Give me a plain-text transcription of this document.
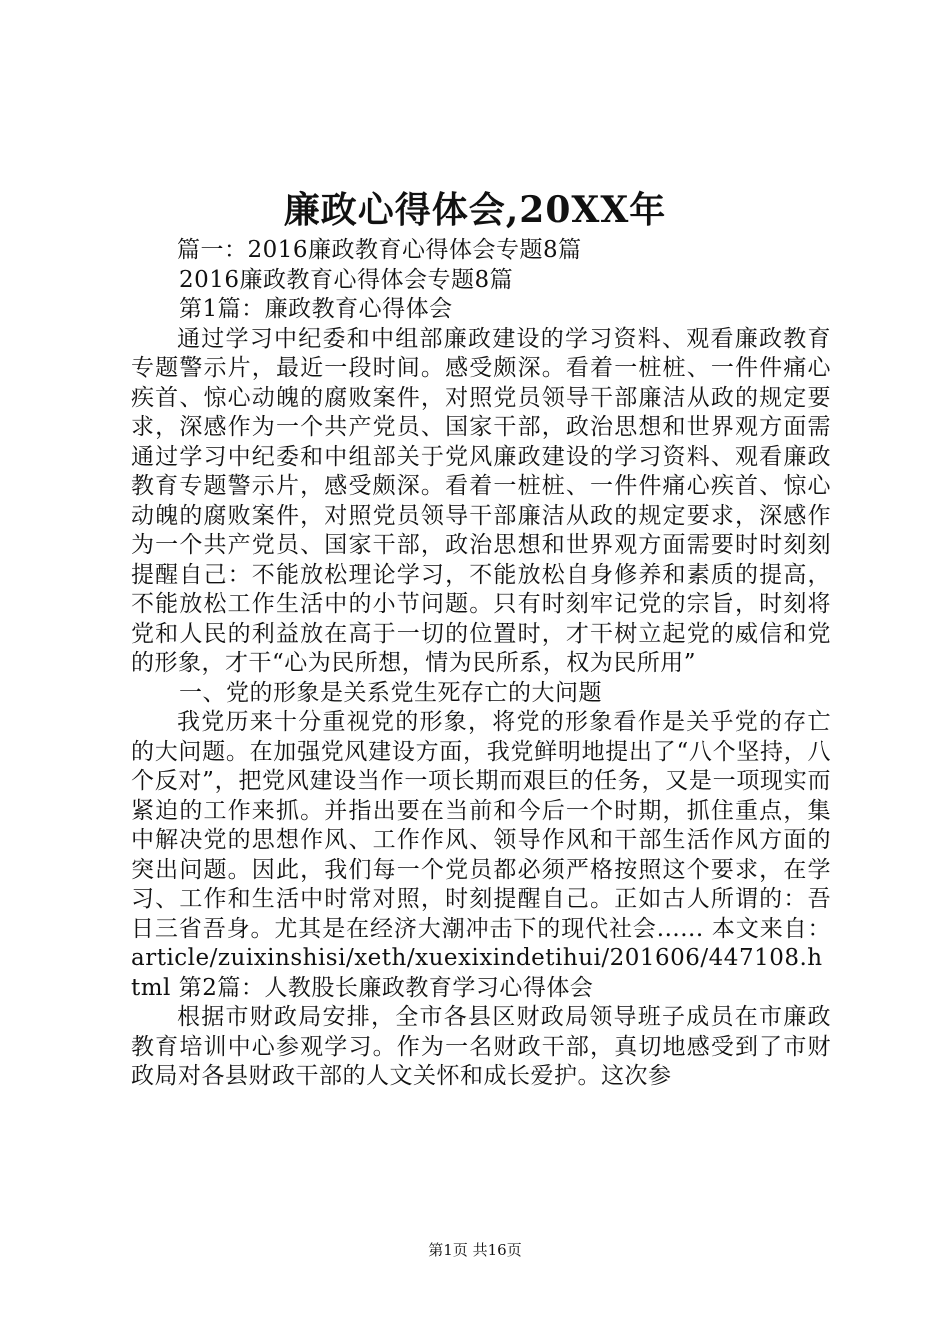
廉政心得体会,20XX年
篇一：2016廉政教育心得体会专题8篇
2016廉政教育心得体会专题8篇
第1篇：廉政教育心得体会

通过学习中纪委和中组部廉政建设的学习资料、观看廉政教育专题警示片，最近一段时间。感受颇深。看着一桩桩、一件件痛心疾首、惊心动魄的腐败案件，对照党员领导干部廉洁从政的规定要求，深感作为一个共产党员、国家干部，政治思想和世界观方面需通过学习中纪委和中组部关于党风廉政建设的学习资料、观看廉政教育专题警示片，感受颇深。看着一桩桩、一件件痛心疾首、惊心动魄的腐败案件，对照党员领导干部廉洁从政的规定要求，深感作为一个共产党员、国家干部，政治思想和世界观方面需要时时刻刻提醒自己：不能放松理论学习，不能放松自身修养和素质的提高，不能放松工作生活中的小节问题。只有时刻牢记党的宗旨，时刻将党和人民的利益放在高于一切的位置时，才干树立起党的威信和党的形象，才干“心为民所想，情为民所系，权为民所用”

一、党的形象是关系党生死存亡的大问题

我党历来十分重视党的形象，将党的形象看作是关乎党的存亡的大问题。在加强党风建设方面，我党鲜明地提出了“八个坚持，八个反对”，把党风建设当作一项长期而艰巨的任务，又是一项现实而紧迫的工作来抓。并指出要在当前和今后一个时期，抓住重点，集中解决党的思想作风、工作作风、领导作风和干部生活作风方面的突出问题。因此，我们每一个党员都必须严格按照这个要求，在学习、工作和生活中时常对照，时刻提醒自己。正如古人所谓的：吾日三省吾身。尤其是在经济大潮冲击下的现代社会...... 本文来自：article/zuixinshisi/xeth/xuexixindetihui/201606/447108.html 第2篇：人教股长廉政教育学习心得体会

根据市财政局安排，全市各县区财政局领导班子成员在市廉政教育培训中心参观学习。作为一名财政干部，真切地感受到了市财政局对各县财政干部的人文关怀和成长爱护。这次参

第1页 共16页
